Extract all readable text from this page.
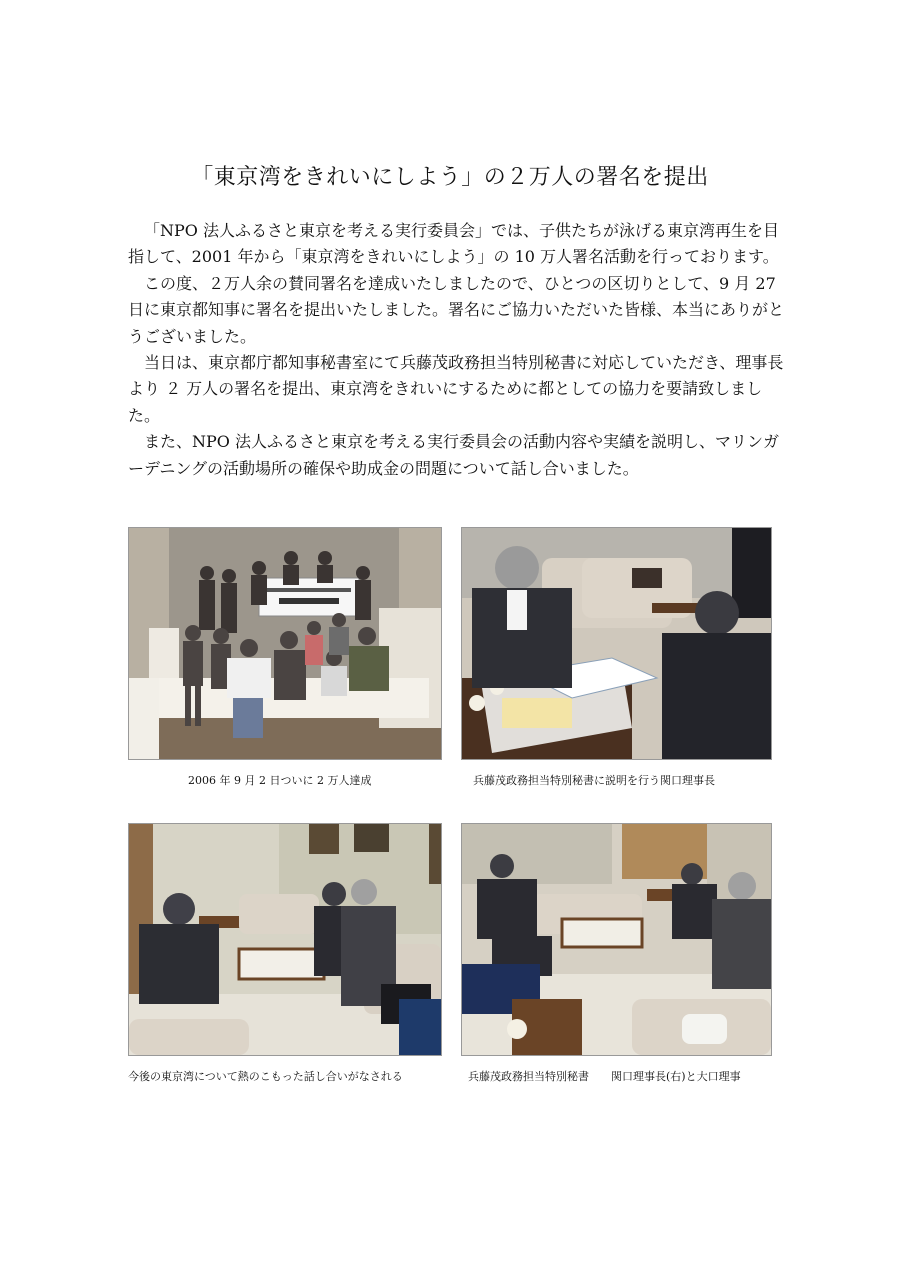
「東京湾をきれいにしよう」の２万人の署名を提出

「NPO 法人ふるさと東京を考える実行委員会」では、子供たちが泳げる東京湾再生を目指して、2001 年から「東京湾をきれいにしよう」の 10 万人署名活動を行っております。

この度、２万人余の賛同署名を達成いたしましたので、ひとつの区切りとして、9 月 27 日に東京都知事に署名を提出いたしました。署名にご協力いただいた皆様、本当にありがとうございました。

当日は、東京都庁都知事秘書室にて兵藤茂政務担当特別秘書に対応していただき、理事長より ２ 万人の署名を提出、東京湾をきれいにするために都としての協力を要請致しました。

また、NPO 法人ふるさと東京を考える実行委員会の活動内容や実績を説明し、マリンガーデニングの活動場所の確保や助成金の問題について話し合いました。

2006 年 9 月 2 日ついに 2 万人達成	兵藤茂政務担当特別秘書に説明を行う関口理事長
今後の東京湾について熱のこもった話し合いがなされる	兵藤茂政務担当特別秘書　　関口理事長(右)と大口理事
